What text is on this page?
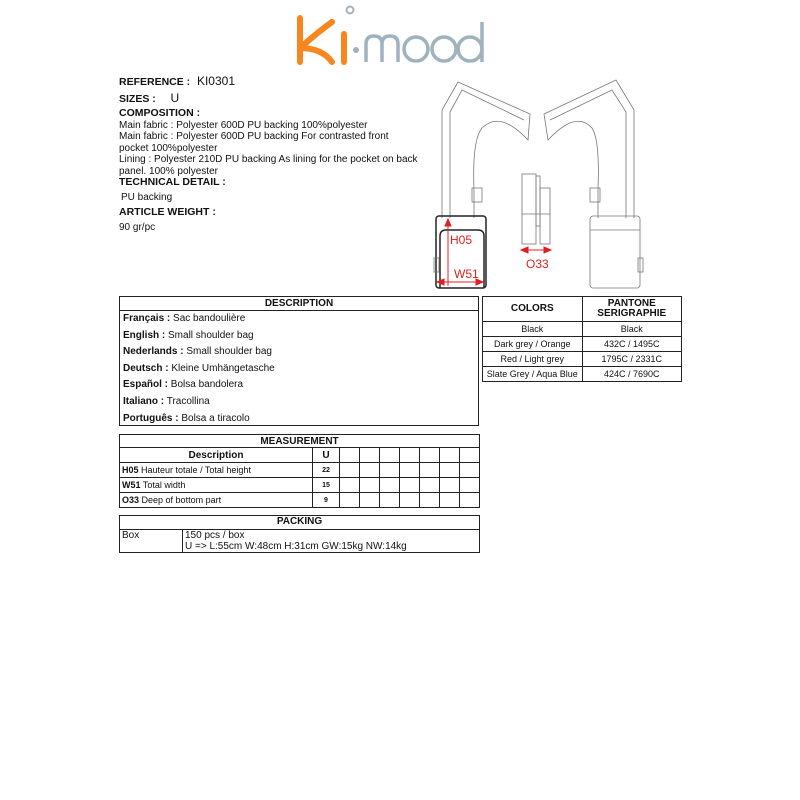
REFERENCE : KI0301
SIZES : U
COMPOSITION :
Main fabric : Polyester 600D PU backing 100%polyester
Main fabric : Polyester 600D PU backing For contrasted front pocket 100%polyester
Lining : Polyester 210D PU backing As lining for the pocket on back panel. 100% polyester
TECHNICAL DETAIL :
PU backing
ARTICLE WEIGHT :
90 gr/pc
H05
W51
O33
DESCRIPTION
Français : Sac bandoulière
English : Small shoulder bag
Nederlands : Small shoulder bag
Deutsch : Kleine Umhängetasche
Español : Bolsa bandolera
Italiano : Tracollina
Português : Bolsa a tiracolo
COLORS	PANTONE SERIGRAPHIE
Black	Black
Dark grey / Orange	432C / 1495C
Red / Light grey	1795C / 2331C
Slate Grey / Aqua Blue	424C / 7690C
MEASUREMENT								
Description	U							
H05 Hauteur totale / Total height	22							
W51 Total width	15							
O33 Deep of bottom part	9							
PACKING
Box	150 pcs / box
U => L:55cm W:48cm H:31cm GW:15kg NW:14kg
